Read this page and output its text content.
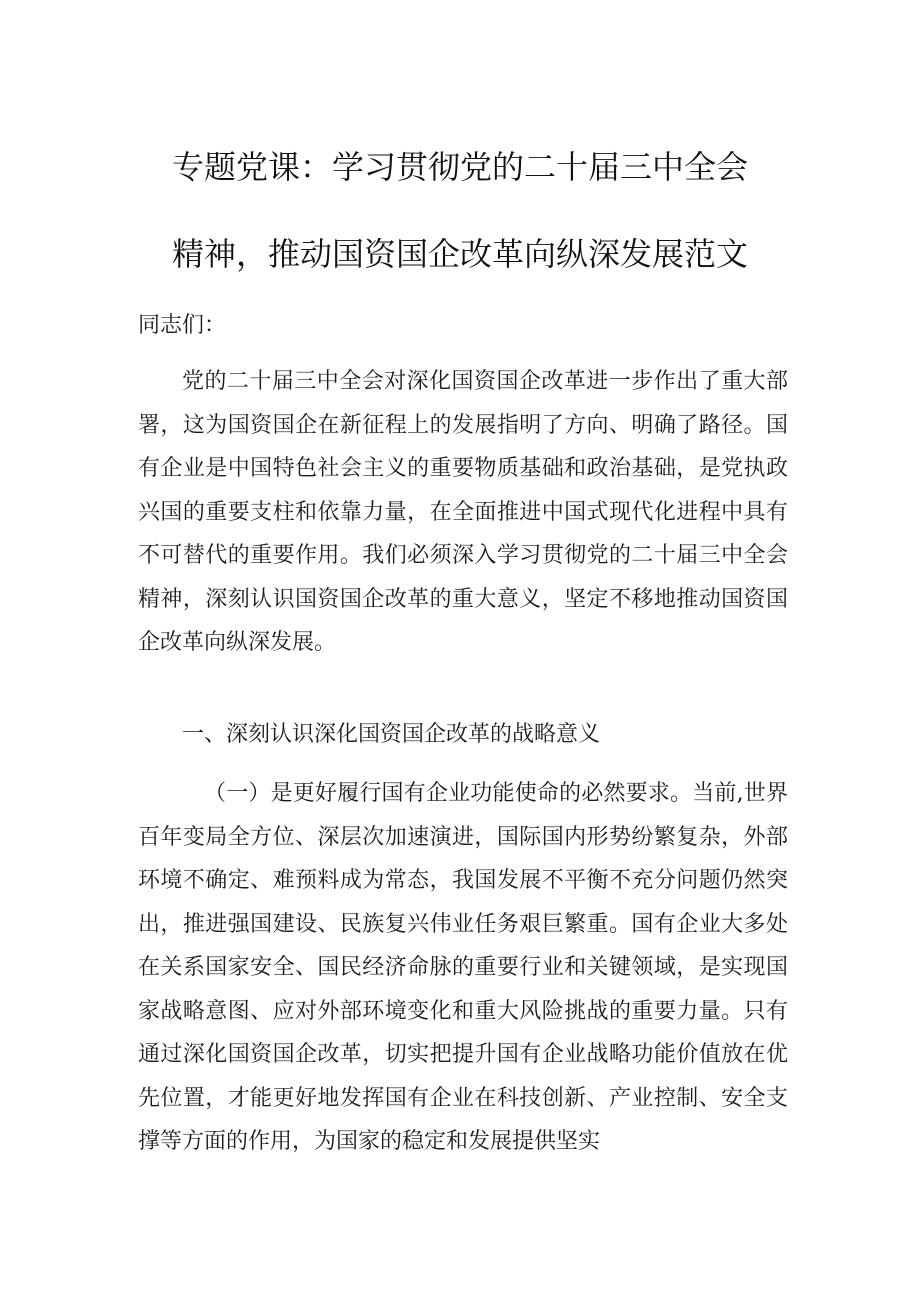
专题党课：学习贯彻党的二十届三中全会
精神，推动国资国企改革向纵深发展范文

同志们：

党的二十届三中全会对深化国资国企改革进一步作出了重大部署，这为国资国企在新征程上的发展指明了方向、明确了路径。国有企业是中国特色社会主义的重要物质基础和政治基础，是党执政兴国的重要支柱和依靠力量，在全面推进中国式现代化进程中具有不可替代的重要作用。我们必须深入学习贯彻党的二十届三中全会精神，深刻认识国资国企改革的重大意义，坚定不移地推动国资国企改革向纵深发展。

一、深刻认识深化国资国企改革的战略意义

（一）是更好履行国有企业功能使命的必然要求。当前,世界百年变局全方位、深层次加速演进，国际国内形势纷繁复杂，外部环境不确定、难预料成为常态，我国发展不平衡不充分问题仍然突出，推进强国建设、民族复兴伟业任务艰巨繁重。国有企业大多处在关系国家安全、国民经济命脉的重要行业和关键领域，是实现国家战略意图、应对外部环境变化和重大风险挑战的重要力量。只有通过深化国资国企改革，切实把提升国有企业战略功能价值放在优先位置，才能更好地发挥国有企业在科技创新、产业控制、安全支撑等方面的作用，为国家的稳定和发展提供坚实
